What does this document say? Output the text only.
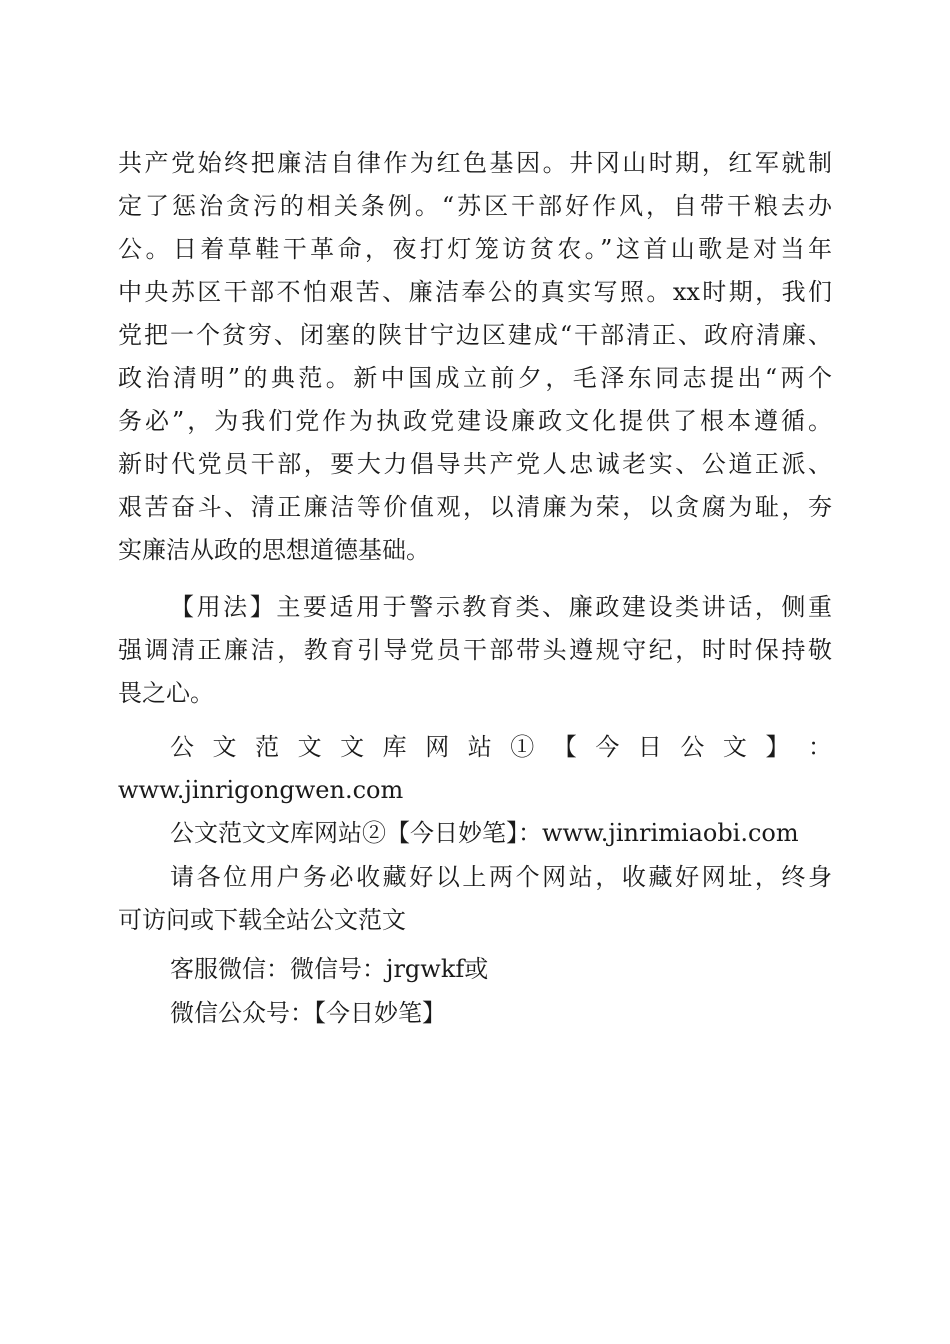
共产党始终把廉洁自律作为红色基因。井冈山时期，红军就制
定了惩治贪污的相关条例。“苏区干部好作风，自带干粮去办
公。日着草鞋干革命，夜打灯笼访贫农。”这首山歌是对当年
中央苏区干部不怕艰苦、廉洁奉公的真实写照。xx时期，我们
党把一个贫穷、闭塞的陕甘宁边区建成“干部清正、政府清廉、
政治清明”的典范。新中国成立前夕，毛泽东同志提出“两个
务必”，为我们党作为执政党建设廉政文化提供了根本遵循。
新时代党员干部，要大力倡导共产党人忠诚老实、公道正派、
艰苦奋斗、清正廉洁等价值观，以清廉为荣，以贪腐为耻，夯
实廉洁从政的思想道德基础。
【用法】主要适用于警示教育类、廉政建设类讲话，侧重
强调清正廉洁，教育引导党员干部带头遵规守纪，时时保持敬
畏之心。
公 文 范 文 文 库 网 站 ① 【 今 日 公 文 】 ：
www.jinrigongwen.com
公文范文文库网站②【今日妙笔】：www.jinrimiaobi.com
请各位用户务必收藏好以上两个网站，收藏好网址，终身
可访问或下载全站公文范文
客服微信：微信号：jrgwkf或
微信公众号：【今日妙笔】
